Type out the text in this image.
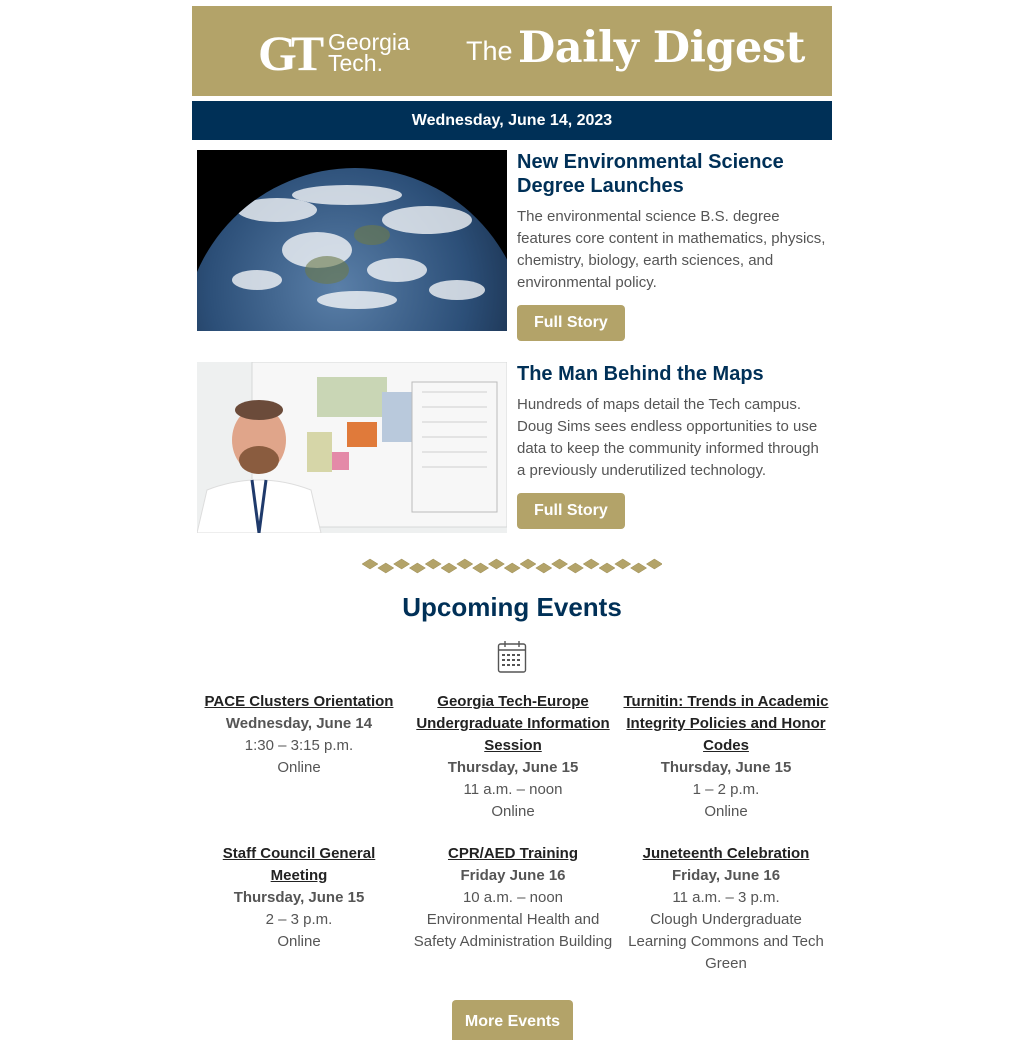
GT Georgia
Tech.	The Daily Digest
Wednesday, June 14, 2023
New Environmental Science Degree Launches

The environmental science B.S. degree features core content in mathematics, physics, chemistry, biology, earth sciences, and environmental policy.

Full Story
The Man Behind the Maps

Hundreds of maps detail the Tech campus. Doug Sims sees endless opportunities to use data to keep the community informed through a previously underutilized technology.

Full Story
Upcoming Events
PACE Clusters Orientation
Wednesday, June 14
1:30 – 3:15 p.m.
Online
Georgia Tech-Europe Undergraduate Information Session
Thursday, June 15
11 a.m. – noon
Online
Turnitin: Trends in Academic Integrity Policies and Honor Codes
Thursday, June 15
1 – 2 p.m.
Online
Staff Council General Meeting
Thursday, June 15
2 – 3 p.m.
Online
CPR/AED Training
Friday June 16
10 a.m. – noon
Environmental Health and Safety Administration Building
Juneteenth Celebration
Friday, June 16
11 a.m. – 3 p.m.
Clough Undergraduate Learning Commons and Tech Green
More Events
